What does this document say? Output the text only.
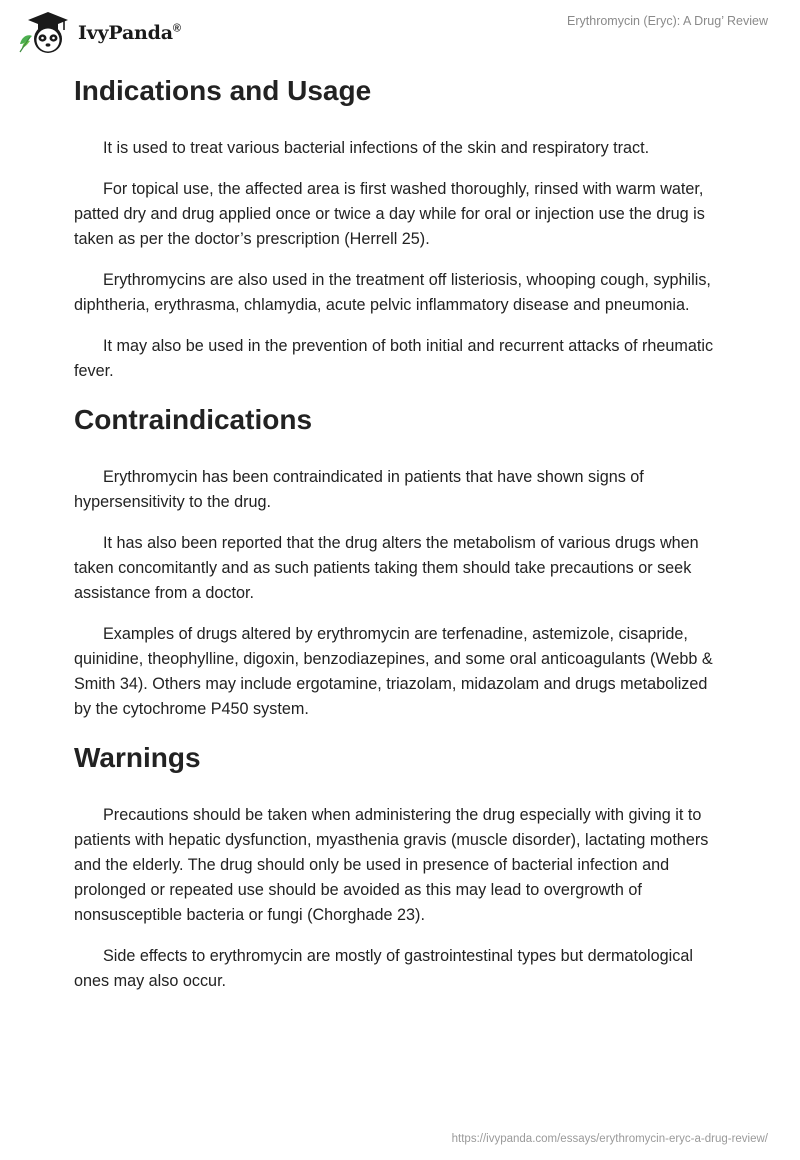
IvyPanda®
Erythromycin (Eryc): A Drug’ Review
Indications and Usage

It is used to treat various bacterial infections of the skin and respiratory tract.

For topical use, the affected area is first washed thoroughly, rinsed with warm water, patted dry and drug applied once or twice a day while for oral or injection use the drug is taken as per the doctor’s prescription (Herrell 25).

Erythromycins are also used in the treatment off listeriosis, whooping cough, syphilis, diphtheria, erythrasma, chlamydia, acute pelvic inflammatory disease and pneumonia.

It may also be used in the prevention of both initial and recurrent attacks of rheumatic fever.

Contraindications

Erythromycin has been contraindicated in patients that have shown signs of hypersensitivity to the drug.

It has also been reported that the drug alters the metabolism of various drugs when taken concomitantly and as such patients taking them should take precautions or seek assistance from a doctor.

Examples of drugs altered by erythromycin are terfenadine, astemizole, cisapride, quinidine, theophylline, digoxin, benzodiazepines, and some oral anticoagulants (Webb & Smith 34). Others may include ergotamine, triazolam, midazolam and drugs metabolized by the cytochrome P450 system.

Warnings

Precautions should be taken when administering the drug especially with giving it to patients with hepatic dysfunction, myasthenia gravis (muscle disorder), lactating mothers and the elderly. The drug should only be used in presence of bacterial infection and prolonged or repeated use should be avoided as this may lead to overgrowth of nonsusceptible bacteria or fungi (Chorghade 23).

Side effects to erythromycin are mostly of gastrointestinal types but dermatological ones may also occur.

https://ivypanda.com/essays/erythromycin-eryc-a-drug-review/
